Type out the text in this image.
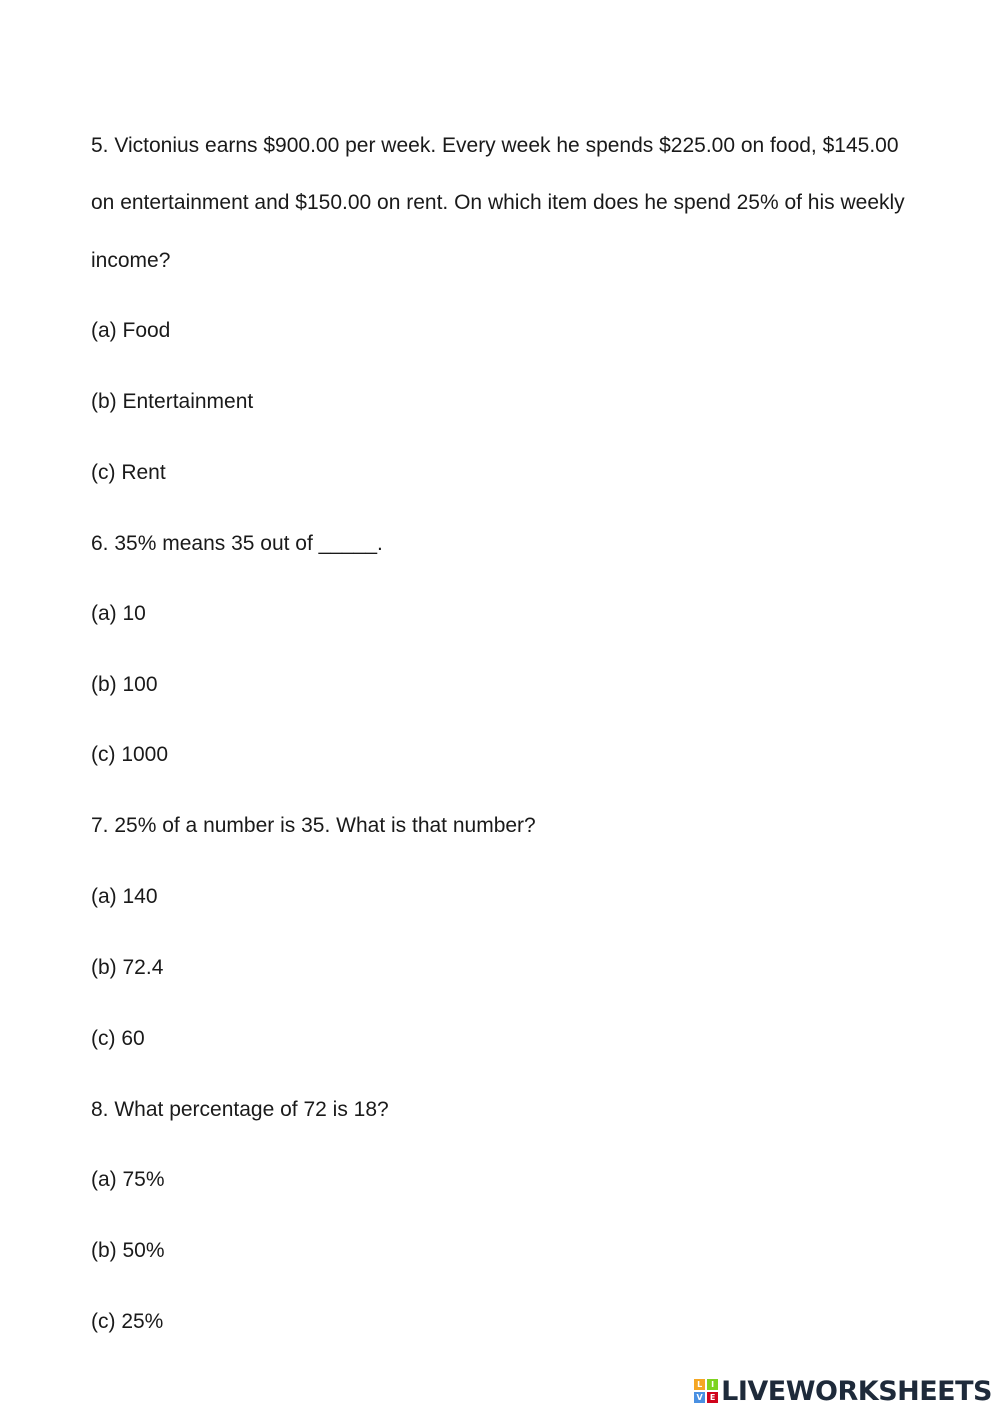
5. Victonius earns $900.00 per week. Every week he spends $225.00 on food, $145.00
on entertainment and $150.00 on rent. On which item does he spend 25% of his weekly
income?
(a) Food
(b) Entertainment
(c) Rent
6. 35% means 35 out of _____.
(a) 10
(b) 100
(c) 1000
7. 25% of a number is 35. What is that number?
(a) 140
(b) 72.4
(c) 60
8. What percentage of 72 is 18?
(a) 75%
(b) 50%
(c) 25%
L	I
V E LIVEWORKSHEETS
